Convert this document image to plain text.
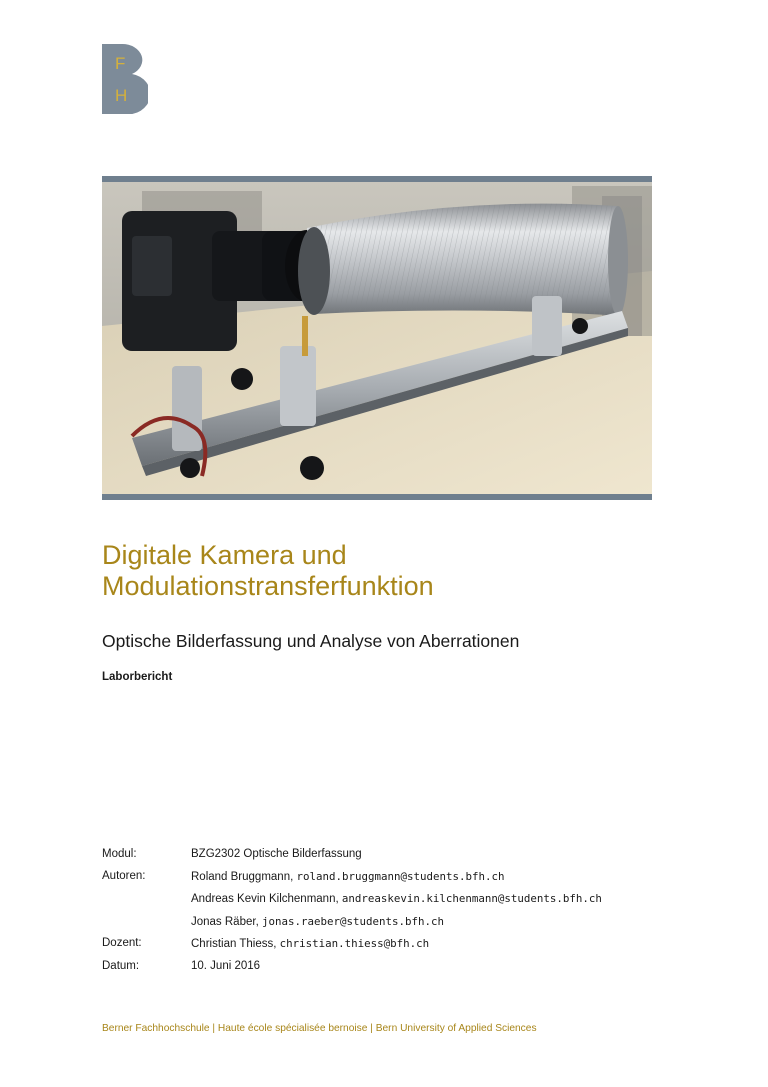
F
H
Digitale Kamera und
Modulationstransferfunktion
Optische Bilderfassung und Analyse von Aberrationen
Laborbericht
Modul:	BZG2302 Optische Bilderfassung
Autoren:	Roland Bruggmann, roland.bruggmann@students.bfh.ch
Andreas Kevin Kilchenmann, andreaskevin.kilchenmann@students.bfh.ch
Jonas Räber, jonas.raeber@students.bfh.ch
Dozent:	Christian Thiess, christian.thiess@bfh.ch
Datum:	10. Juni 2016
Berner Fachhochschule | Haute école spécialisée bernoise | Bern University of Applied Sciences
